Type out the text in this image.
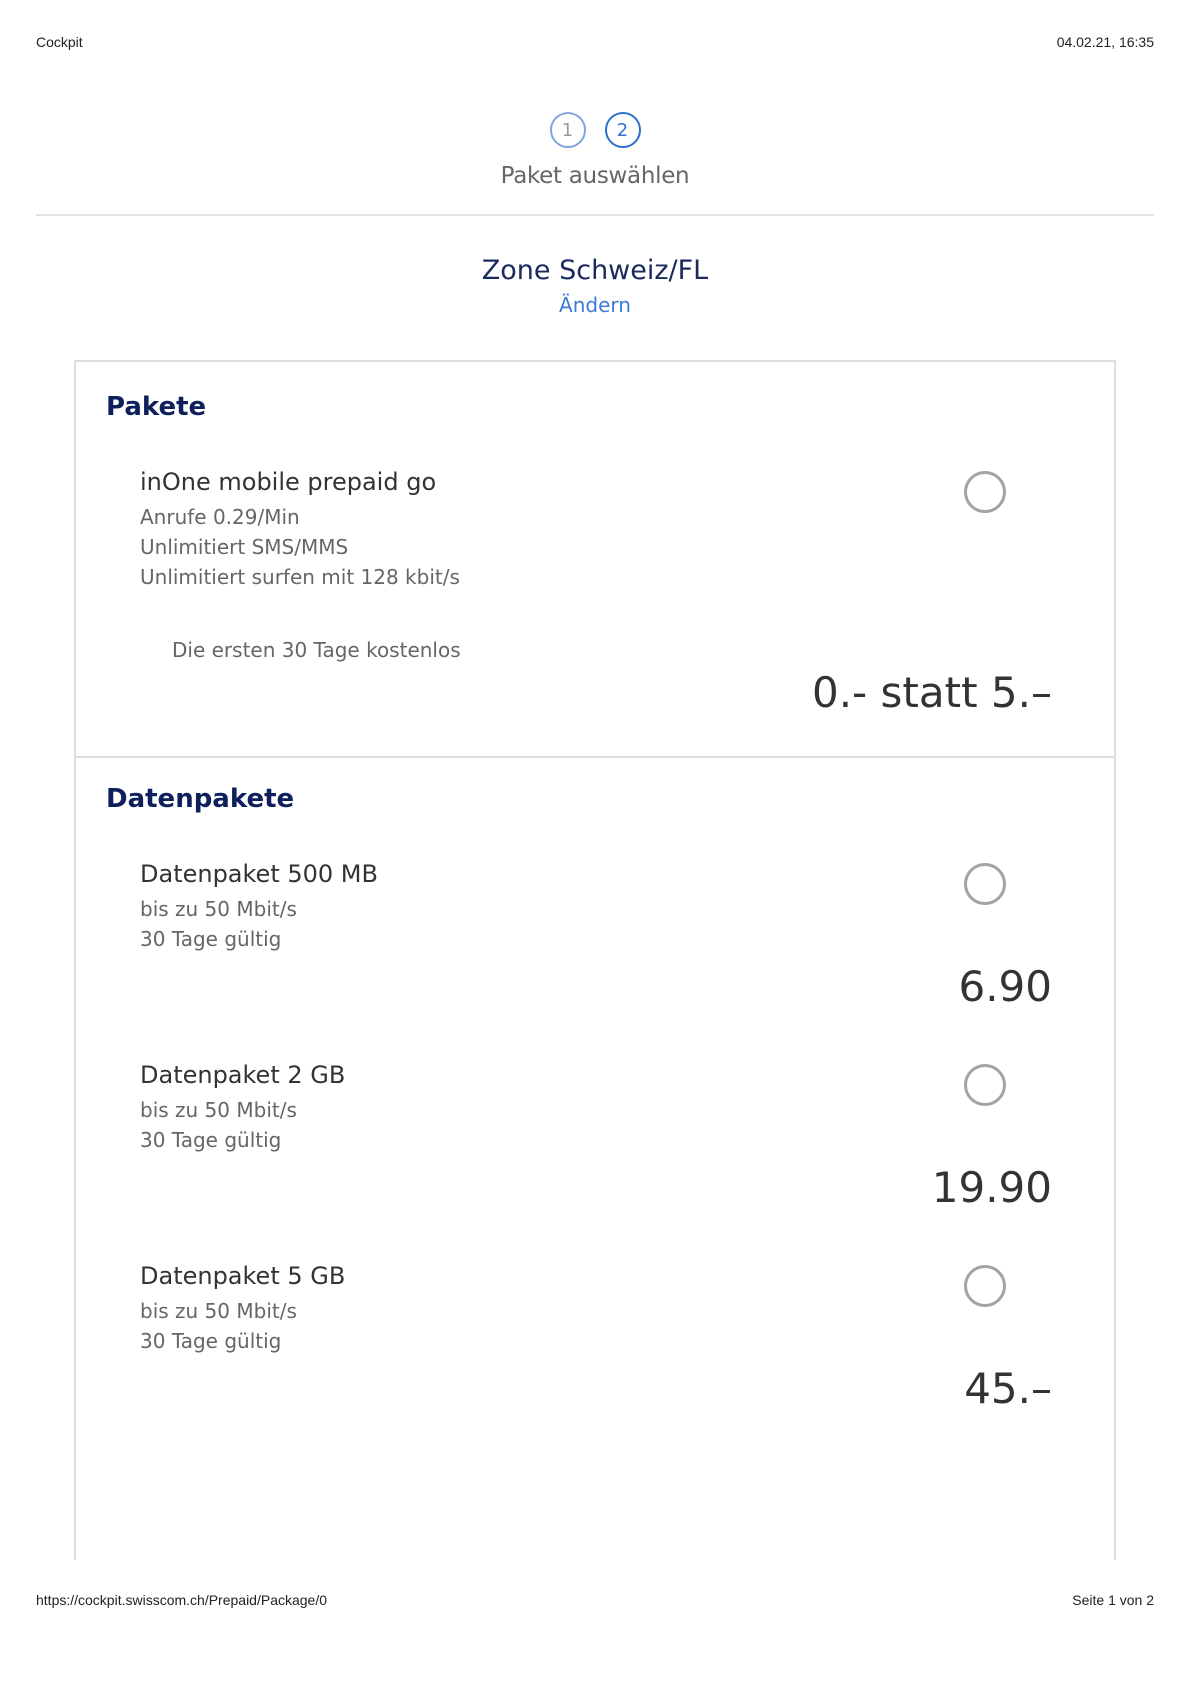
Cockpit	04.02.21, 16:35
1	2
Paket auswählen
Zone Schweiz/FL
Ändern
Pakete
inOne mobile prepaid go
Anrufe 0.29/Min
Unlimitiert SMS/MMS
Unlimitiert surfen mit 128 kbit/s
Die ersten 30 Tage kostenlos
0.- statt 5.–
Datenpakete
Datenpaket 500 MB
bis zu 50 Mbit/s
30 Tage gültig
6.90
Datenpaket 2 GB
bis zu 50 Mbit/s
30 Tage gültig
19.90
Datenpaket 5 GB
bis zu 50 Mbit/s
30 Tage gültig
45.–
https://cockpit.swisscom.ch/Prepaid/Package/0	Seite 1 von 2
